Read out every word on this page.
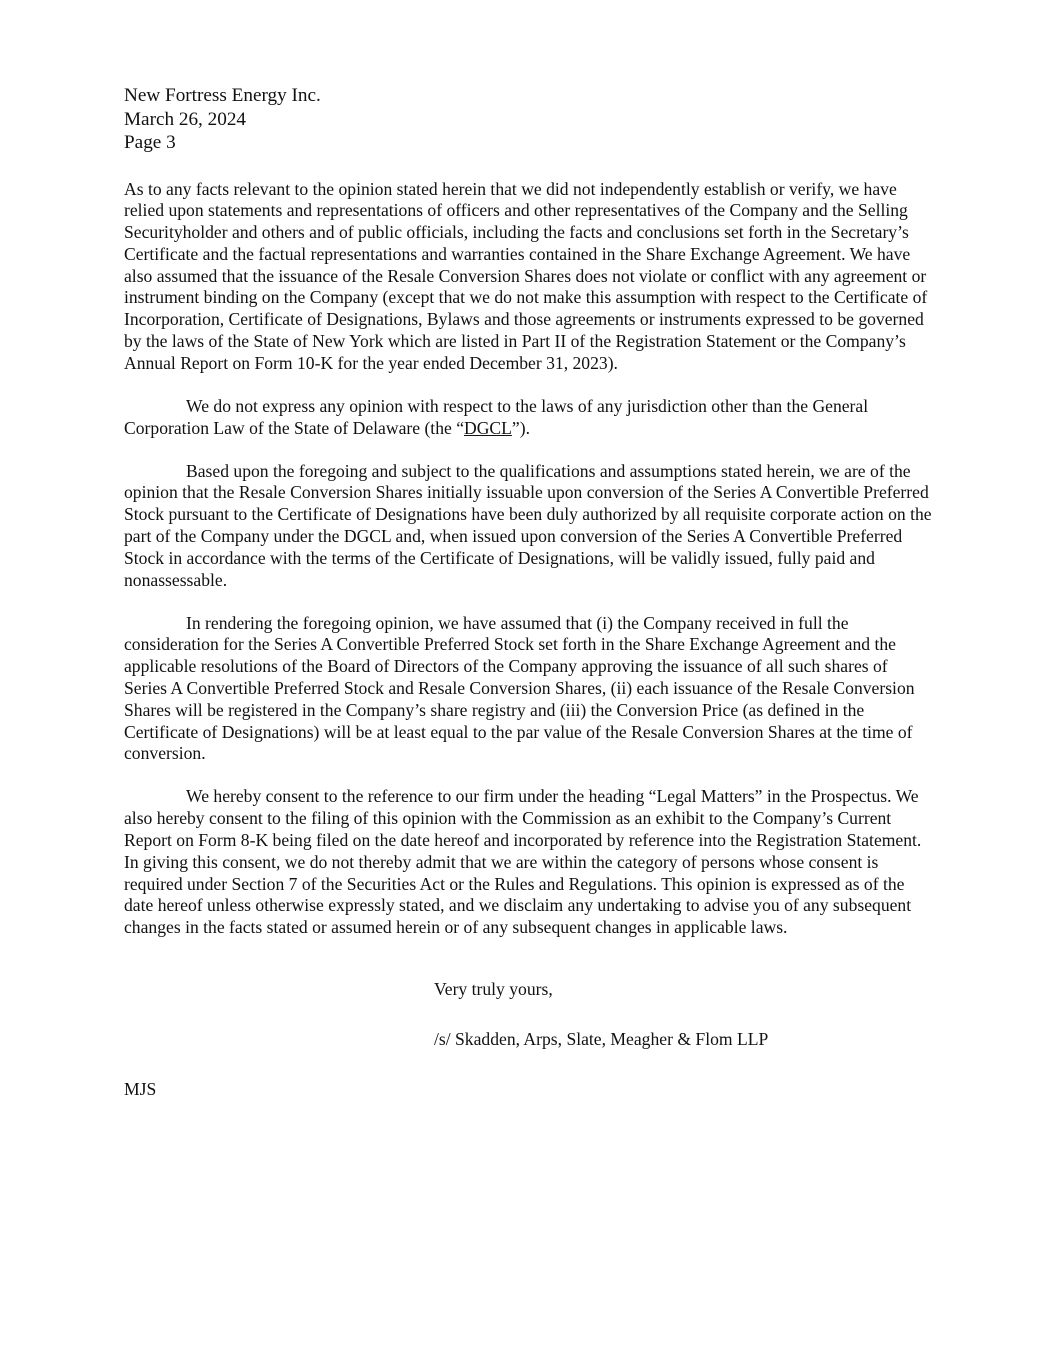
New Fortress Energy Inc.
March 26, 2024
Page 3

As to any facts relevant to the opinion stated herein that we did not independently establish or verify, we have relied upon statements and representations of officers and other representatives of the Company and the Selling Securityholder and others and of public officials, including the facts and conclusions set forth in the Secretary’s Certificate and the factual representations and warranties contained in the Share Exchange Agreement. We have also assumed that the issuance of the Resale Conversion Shares does not violate or conflict with any agreement or instrument binding on the Company (except that we do not make this assumption with respect to the Certificate of Incorporation, Certificate of Designations, Bylaws and those agreements or instruments expressed to be governed by the laws of the State of New York which are listed in Part II of the Registration Statement or the Company’s Annual Report on Form 10-K for the year ended December 31, 2023).

We do not express any opinion with respect to the laws of any jurisdiction other than the General Corporation Law of the State of Delaware (the “DGCL”).

Based upon the foregoing and subject to the qualifications and assumptions stated herein, we are of the opinion that the Resale Conversion Shares initially issuable upon conversion of the Series A Convertible Preferred Stock pursuant to the Certificate of Designations have been duly authorized by all requisite corporate action on the part of the Company under the DGCL and, when issued upon conversion of the Series A Convertible Preferred Stock in accordance with the terms of the Certificate of Designations, will be validly issued, fully paid and nonassessable.

In rendering the foregoing opinion, we have assumed that (i) the Company received in full the consideration for the Series A Convertible Preferred Stock set forth in the Share Exchange Agreement and the applicable resolutions of the Board of Directors of the Company approving the issuance of all such shares of Series A Convertible Preferred Stock and Resale Conversion Shares, (ii) each issuance of the Resale Conversion Shares will be registered in the Company’s share registry and (iii) the Conversion Price (as defined in the Certificate of Designations) will be at least equal to the par value of the Resale Conversion Shares at the time of conversion.

We hereby consent to the reference to our firm under the heading “Legal Matters” in the Prospectus. We also hereby consent to the filing of this opinion with the Commission as an exhibit to the Company’s Current Report on Form 8-K being filed on the date hereof and incorporated by reference into the Registration Statement. In giving this consent, we do not thereby admit that we are within the category of persons whose consent is required under Section 7 of the Securities Act or the Rules and Regulations. This opinion is expressed as of the date hereof unless otherwise expressly stated, and we disclaim any undertaking to advise you of any subsequent changes in the facts stated or assumed herein or of any subsequent changes in applicable laws.

Very truly yours,
/s/ Skadden, Arps, Slate, Meagher & Flom LLP
MJS
